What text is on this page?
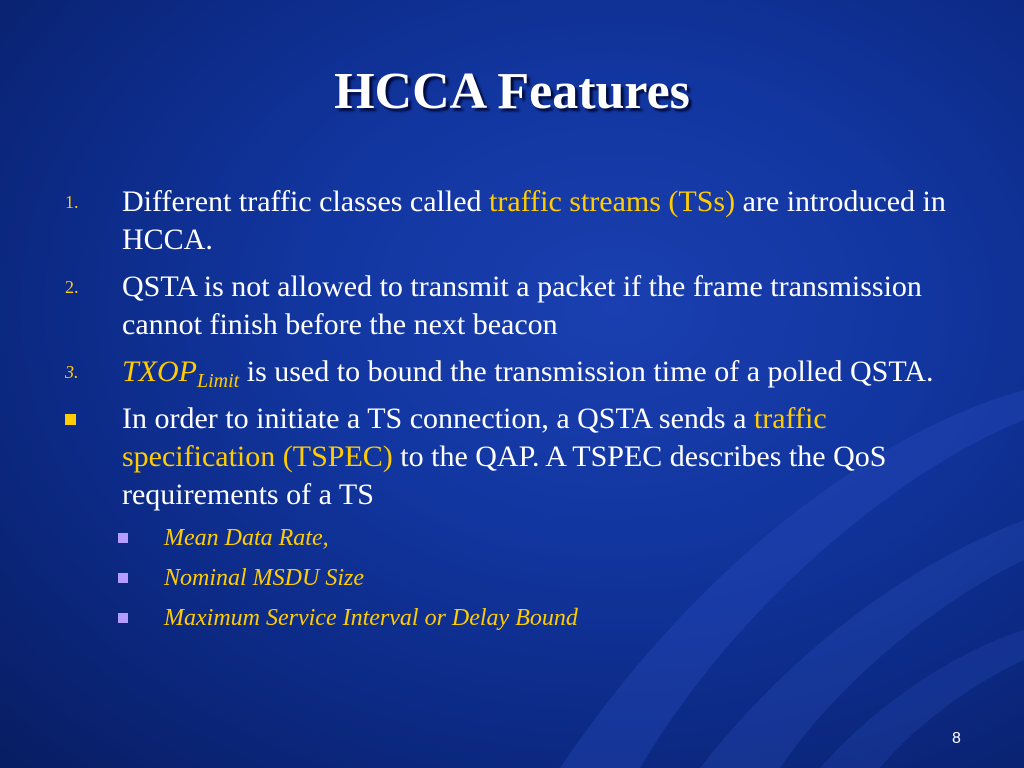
HCCA Features
1. Different traffic classes called traffic streams (TSs) are introduced in HCCA.
2. QSTA is not allowed to transmit a packet if the frame transmission cannot finish before the next beacon
3. $TXOP_{Limit}$ is used to bound the transmission time of a polled QSTA.
In order to initiate a TS connection, a QSTA sends a traffic specification (TSPEC) to the QAP. A TSPEC describes the QoS requirements of a TS
Mean Data Rate,
Nominal MSDU Size
Maximum Service Interval or Delay Bound
8
